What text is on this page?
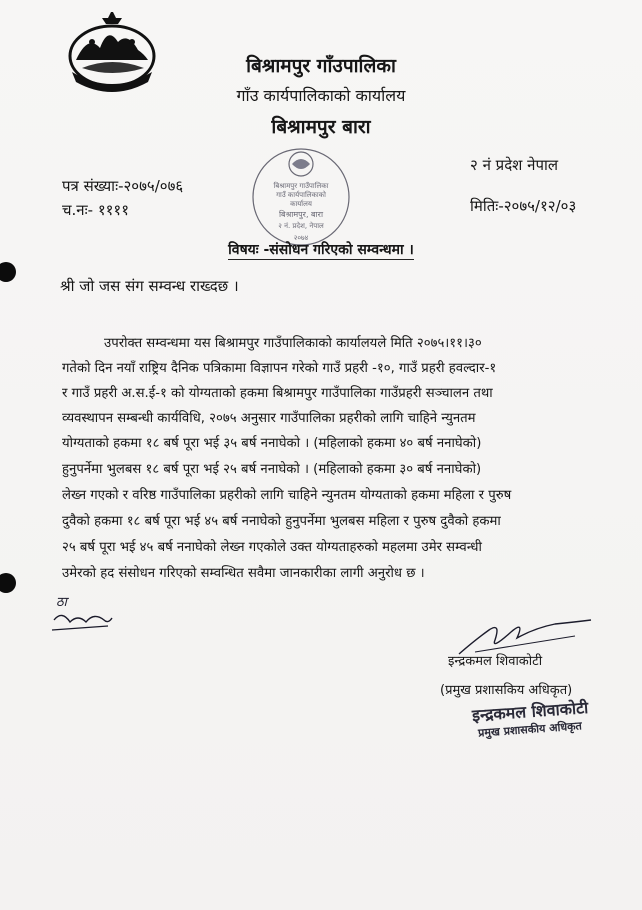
बिश्रामपुर गाँउपालिका
गाँउ कार्यपालिकाको कार्यालय
बिश्रामपुर बारा
बिश्रामपुर गाउँपालिका
गाउँ कार्यपालिकाको
कार्यालय
बिश्रामपुर, बारा
२ नं. प्रदेश, नेपाल
२०७४
२ नं प्रदेश नेपाल
पत्र संख्याः-२०७५/०७६
च.नः- ११११	मितिः-२०७५/१२/०३
विषयः -संसोधन गरिएको सम्वन्धमा ।
श्री जो जस संग सम्वन्ध राख्दछ ।
उपरोक्त सम्वन्धमा यस बिश्रामपुर गाउँपालिकाको कार्यालयले मिति २०७५।११।३०
गतेको दिन नयाँ राष्ट्रिय दैनिक पत्रिकामा विज्ञापन गरेको गाउँ प्रहरी -१०, गाउँ प्रहरी हवल्दार-१
र गाउँ प्रहरी अ.स.ई-१ को योग्यताको हकमा बिश्रामपुर गाउँपालिका गाउँप्रहरी सञ्चालन तथा
व्यवस्थापन सम्बन्धी कार्यविधि, २०७५ अनुसार गाउँपालिका प्रहरीको लागि चाहिने न्युनतम
योग्यताको हकमा १८ बर्ष पूरा भई ३५ बर्ष ननाघेको । (महिलाको हकमा ४० बर्ष ननाघेको)
हुनुपर्नेमा भुलबस १८ बर्ष पूरा भई २५ बर्ष ननाघेको । (महिलाको हकमा ३० बर्ष ननाघेको)
लेख्न गएको र वरिष्ठ गाउँपालिका प्रहरीको लागि चाहिने न्युनतम योग्यताको हकमा महिला र पुरुष
दुवैको हकमा १८ बर्ष पूरा भई ४५ बर्ष ननाघेको हुनुपर्नेमा भुलबस महिला र पुरुष दुवैको हकमा
२५ बर्ष पूरा भई ४५ बर्ष ननाघेको लेख्न गएकोले उक्त योग्यताहरुको महलमा उमेर सम्वन्धी
उमेरको हद संसोधन गरिएको सम्वन्धित सवैमा जानकारीका लागी अनुरोध छ ।
ठा
इन्द्रकमल शिवाकोटी
(प्रमुख प्रशासकिय अधिकृत)
इन्द्रकमल शिवाकोटी
प्रमुख प्रशासकीय अधिकृत
